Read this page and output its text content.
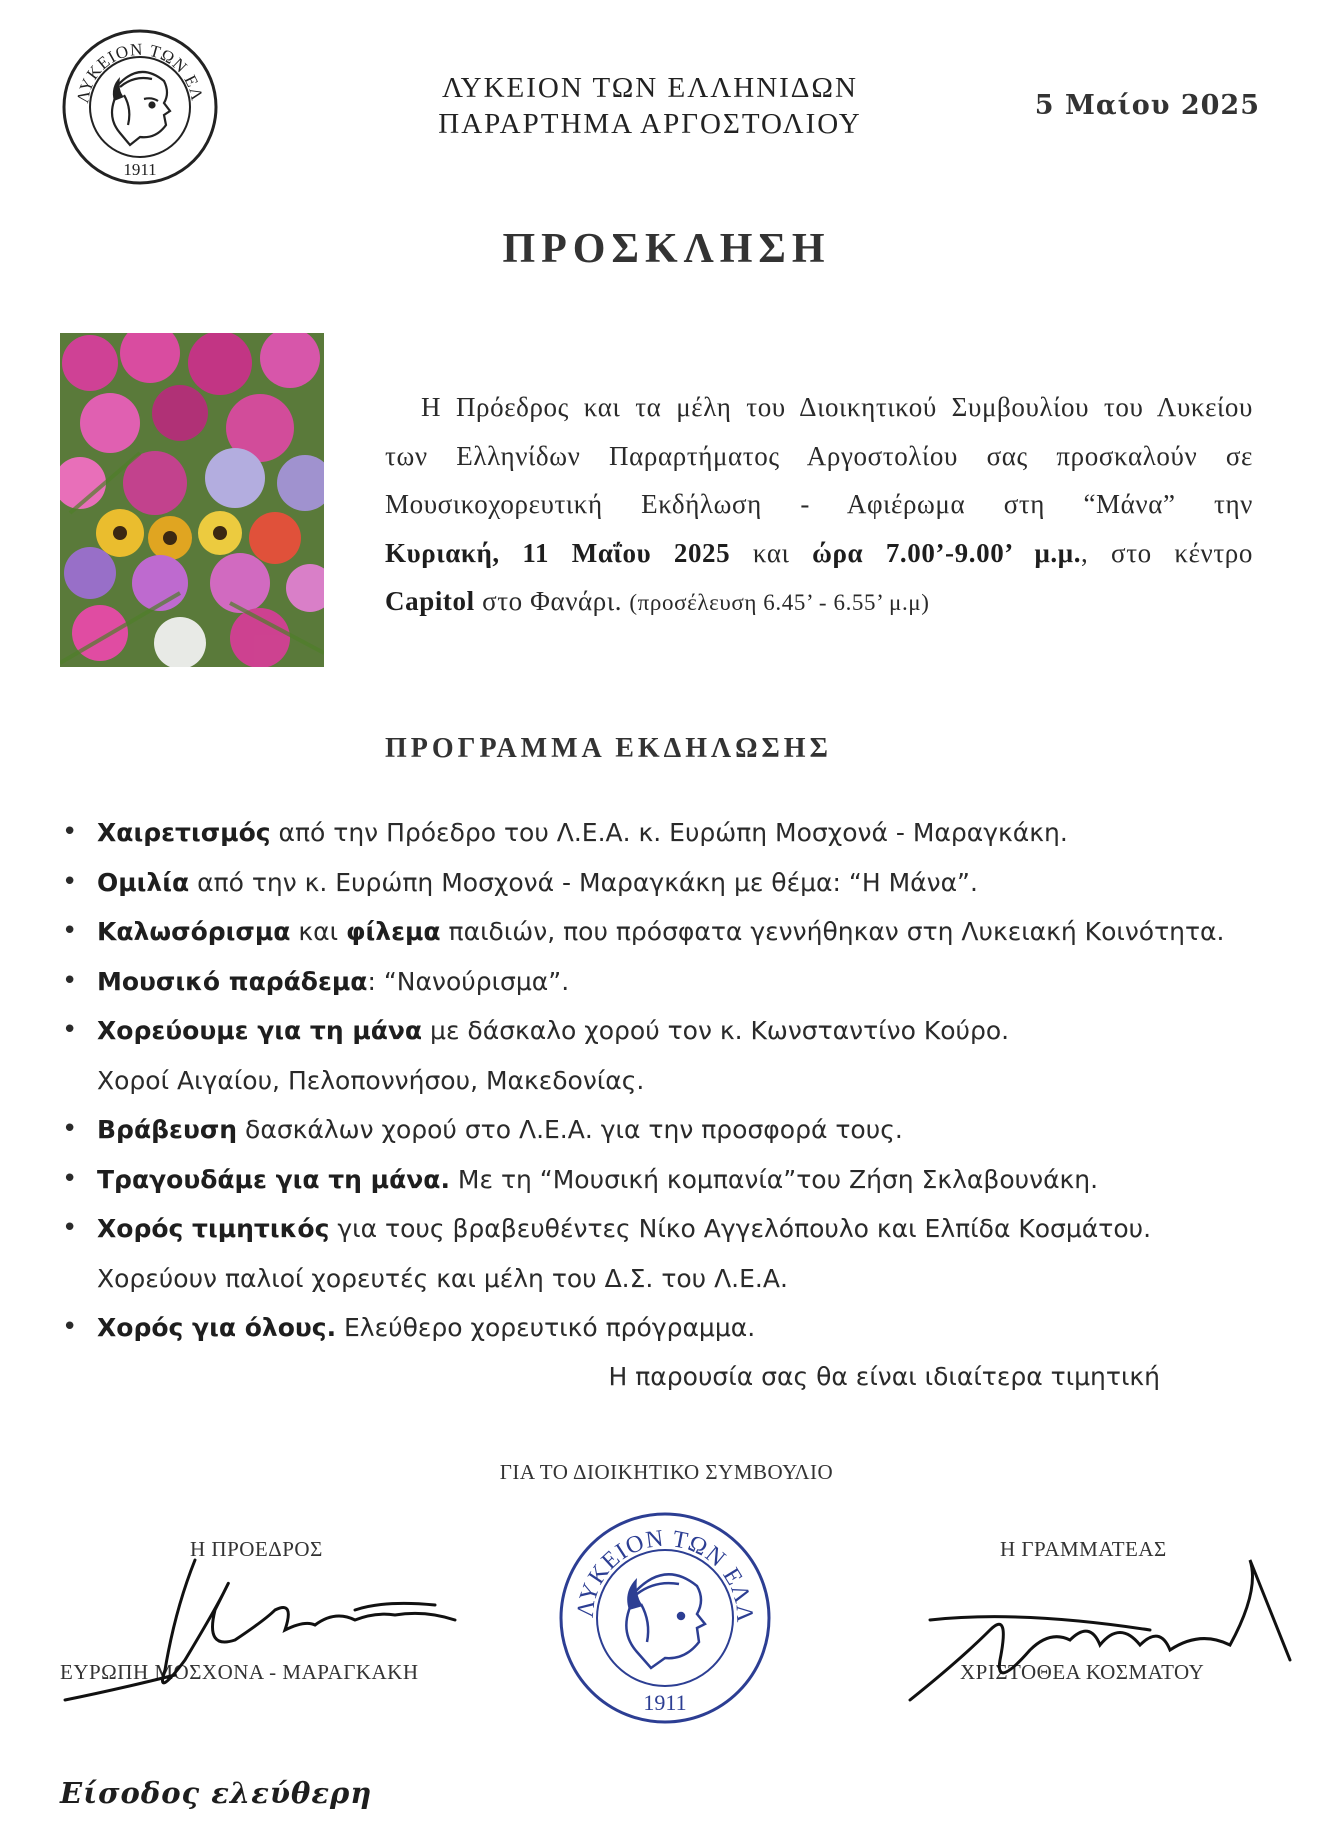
ΛΥΚΕΙΟΝ ΤΩΝ ΕΛ
1911
ΛΥΚΕΙΟΝ ΤΩΝ ΕΛΛΗΝΙΔΩΝ
ΠΑΡΑΡΤΗΜΑ ΑΡΓΟΣΤΟΛΙΟΥ
5 Μαίου 2025
ΠΡΟΣΚΛΗΣΗ
Η Πρόεδρος και τα μέλη του Διοικητικού Συμβουλίου του Λυκείου
των Ελληνίδων Παραρτήματος Αργοστολίου σας προσκαλούν σε
Μουσικοχορευτική Εκδήλωση - Αφιέρωμα στη “Μάνα” την
Κυριακή, 11 Μαΐου 2025 και ώρα 7.00’-9.00’ μ.μ., στο κέντρο
Capitol στο Φανάρι. (προσέλευση 6.45’ - 6.55’ μ.μ)
ΠΡΟΓΡΑΜΜΑ ΕΚΔΗΛΩΣΗΣ
• Χαιρετισμός από την Πρόεδρο του Λ.Ε.Α. κ. Ευρώπη Μοσχονά - Μαραγκάκη.
• Ομιλία από την κ. Ευρώπη Μοσχονά - Μαραγκάκη με θέμα: “Η Μάνα”.
• Καλωσόρισμα και φίλεμα παιδιών, που πρόσφατα γεννήθηκαν στη Λυκειακή Κοινότητα.
• Μουσικό παράδεμα: “Νανούρισμα”.
• Χορεύουμε για τη μάνα με δάσκαλο χορού τον κ. Κωνσταντίνο Κούρο.
Χοροί Αιγαίου, Πελοποννήσου, Μακεδονίας.
• Βράβευση δασκάλων χορού στο Λ.Ε.Α. για την προσφορά τους.
• Τραγουδάμε για τη μάνα. Με τη “Μουσική κομπανία”του Ζήση Σκλαβουνάκη.
• Χορός τιμητικός για τους βραβευθέντες Νίκο Αγγελόπουλο και Ελπίδα Κοσμάτου.
Χορεύουν παλιοί χορευτές και μέλη του Δ.Σ. του Λ.Ε.Α.
• Χορός για όλους. Ελεύθερο χορευτικό πρόγραμμα.
Η παρουσία σας θα είναι ιδιαίτερα τιμητική
ΓΙΑ ΤΟ ΔΙΟΙΚΗΤΙΚΟ ΣΥΜΒΟΥΛΙΟ
Η ΠΡΟΕΔΡΟΣ
ΕΥΡΩΠΗ ΜΟΣΧΟΝΑ - ΜΑΡΑΓΚΑΚΗ
Η ΓΡΑΜΜΑΤΕΑΣ
ΧΡΙΣΤΟΘΕΑ ΚΟΣΜΑΤΟΥ
ΛΥΚΕΙΟΝ ΤΩΝ ΕΛΛ
1911
Είσοδος ελεύθερη
